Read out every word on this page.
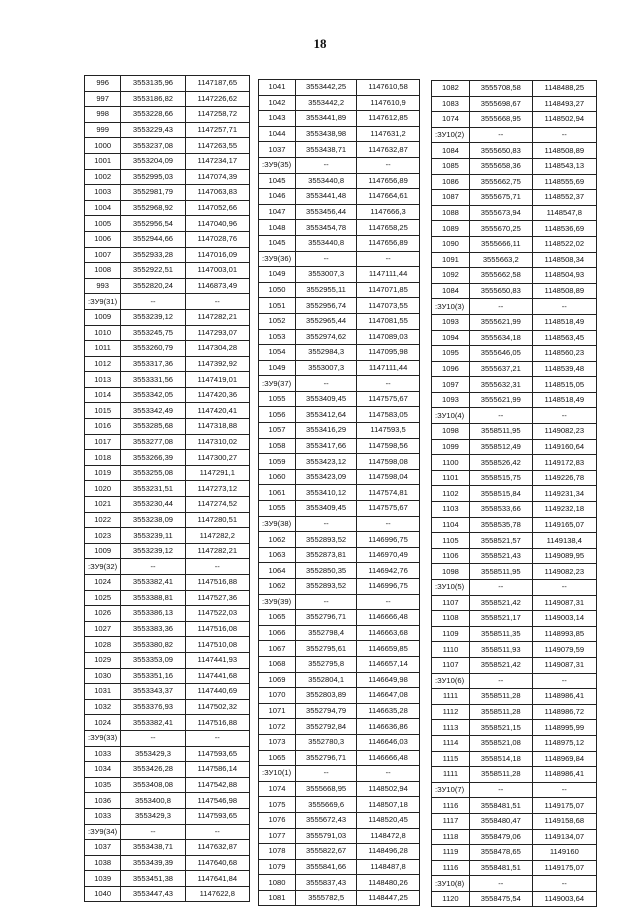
18
996	3553135,96	1147187,65
997	3553186,82	1147226,62
998	3553228,66	1147258,72
999	3553229,43	1147257,71
1000	3553237,08	1147263,55
1001	3553204,09	1147234,17
1002	3552995,03	1147074,39
1003	3552981,79	1147063,83
1004	3552968,92	1147052,66
1005	3552956,54	1147040,96
1006	3552944,66	1147028,76
1007	3552933,28	1147016,09
1008	3552922,51	1147003,01
993	3552820,24	1146873,49
:ЗУ9(31)	--	--
1009	3553239,12	1147282,21
1010	3553245,75	1147293,07
1011	3553260,79	1147304,28
1012	3553317,36	1147392,92
1013	3553331,56	1147419,01
1014	3553342,05	1147420,36
1015	3553342,49	1147420,41
1016	3553285,68	1147318,88
1017	3553277,08	1147310,02
1018	3553266,39	1147300,27
1019	3553255,08	1147291,1
1020	3553231,51	1147273,12
1021	3553230,44	1147274,52
1022	3553238,09	1147280,51
1023	3553239,11	1147282,2
1009	3553239,12	1147282,21
:ЗУ9(32)	--	--
1024	3553382,41	1147516,88
1025	3553388,81	1147527,36
1026	3553386,13	1147522,03
1027	3553383,36	1147516,08
1028	3553380,82	1147510,08
1029	3553353,09	1147441,93
1030	3553351,16	1147441,68
1031	3553343,37	1147440,69
1032	3553376,93	1147502,32
1024	3553382,41	1147516,88
:ЗУ9(33)	--	--
1033	3553429,3	1147593,65
1034	3553426,28	1147586,14
1035	3553408,08	1147542,88
1036	3553400,8	1147546,98
1033	3553429,3	1147593,65
:ЗУ9(34)	--	--
1037	3553438,71	1147632,87
1038	3553439,39	1147640,68
1039	3553451,38	1147641,84
1040	3553447,43	1147622,8
1041	3553442,25	1147610,58
1042	3553442,2	1147610,9
1043	3553441,89	1147612,85
1044	3553438,98	1147631,2
1037	3553438,71	1147632,87
:ЗУ9(35)	--	--
1045	3553440,8	1147656,89
1046	3553441,48	1147664,61
1047	3553456,44	1147666,3
1048	3553454,78	1147658,25
1045	3553440,8	1147656,89
:ЗУ9(36)	--	--
1049	3553007,3	1147111,44
1050	3552955,11	1147071,85
1051	3552956,74	1147073,55
1052	3552965,44	1147081,55
1053	3552974,62	1147089,03
1054	3552984,3	1147095,98
1049	3553007,3	1147111,44
:ЗУ9(37)	--	--
1055	3553409,45	1147575,67
1056	3553412,64	1147583,05
1057	3553416,29	1147593,5
1058	3553417,66	1147598,56
1059	3553423,12	1147598,08
1060	3553423,09	1147598,04
1061	3553410,12	1147574,81
1055	3553409,45	1147575,67
:ЗУ9(38)	--	--
1062	3552893,52	1146996,75
1063	3552873,81	1146970,49
1064	3552850,35	1146942,76
1062	3552893,52	1146996,75
:ЗУ9(39)	--	--
1065	3552796,71	1146666,48
1066	3552798,4	1146663,68
1067	3552795,61	1146659,85
1068	3552795,8	1146657,14
1069	3552804,1	1146649,98
1070	3552803,89	1146647,08
1071	3552794,79	1146635,28
1072	3552792,84	1146636,86
1073	3552780,3	1146646,03
1065	3552796,71	1146666,48
:ЗУ10(1)	--	--
1074	3555668,95	1148502,94
1075	3555669,6	1148507,18
1076	3555672,43	1148520,45
1077	3555791,03	1148472,8
1078	3555822,67	1148496,28
1079	3555841,66	1148487,8
1080	3555837,43	1148480,26
1081	3555782,5	1148447,25
1082	3555708,58	1148488,25
1083	3555698,67	1148493,27
1074	3555668,95	1148502,94
:ЗУ10(2)	--	--
1084	3555650,83	1148508,89
1085	3555658,36	1148543,13
1086	3555662,75	1148555,69
1087	3555675,71	1148552,37
1088	3555673,94	1148547,8
1089	3555670,25	1148536,69
1090	3555666,11	1148522,02
1091	3555663,2	1148508,34
1092	3555662,58	1148504,93
1084	3555650,83	1148508,89
:ЗУ10(3)	--	--
1093	3555621,99	1148518,49
1094	3555634,18	1148563,45
1095	3555646,05	1148560,23
1096	3555637,21	1148539,48
1097	3555632,31	1148515,05
1093	3555621,99	1148518,49
:ЗУ10(4)	--	--
1098	3558511,95	1149082,23
1099	3558512,49	1149160,64
1100	3558526,42	1149172,83
1101	3558515,75	1149226,78
1102	3558515,84	1149231,34
1103	3558533,66	1149232,18
1104	3558535,78	1149165,07
1105	3558521,57	1149138,4
1106	3558521,43	1149089,95
1098	3558511,95	1149082,23
:ЗУ10(5)	--	--
1107	3558521,42	1149087,31
1108	3558521,17	1149003,14
1109	3558511,35	1148993,85
1110	3558511,93	1149079,59
1107	3558521,42	1149087,31
:ЗУ10(6)	--	--
1111	3558511,28	1148986,41
1112	3558511,28	1148986,72
1113	3558521,15	1148995,99
1114	3558521,08	1148975,12
1115	3558514,18	1148969,84
1111	3558511,28	1148986,41
:ЗУ10(7)	--	--
1116	3558481,51	1149175,07
1117	3558480,47	1149158,68
1118	3558479,06	1149134,07
1119	3558478,65	1149160
1116	3558481,51	1149175,07
:ЗУ10(8)	--	--
1120	3558475,54	1149003,64
